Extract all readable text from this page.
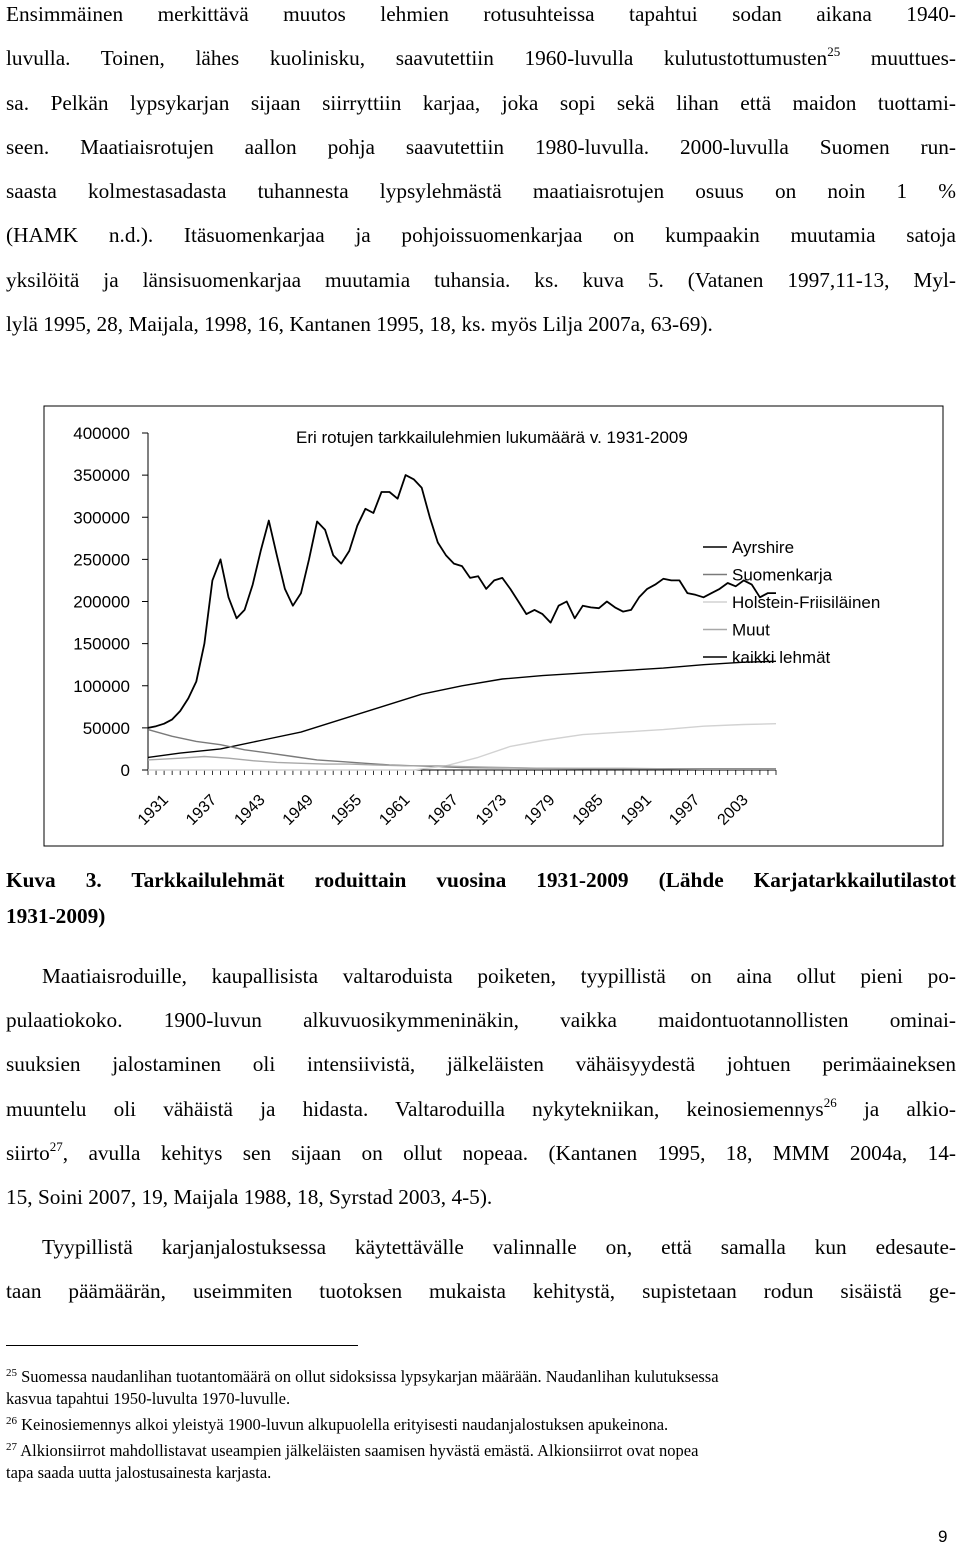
Ensimmäinen merkittävä muutos lehmien rotusuhteissa tapahtui sodan aikana 1940-
luvulla. Toinen, lähes kuolinisku, saavutettiin 1960-luvulla kulutustottumusten$^{25}$ muuttues-
sa. Pelkän lypsykarjan sijaan siirryttiin karjaa, joka sopi sekä lihan että maidon tuottami-
seen. Maatiaisrotujen aallon pohja saavutettiin 1980-luvulla. 2000-luvulla Suomen run-
saasta kolmestasadasta tuhannesta lypsylehmästä maatiaisrotujen osuus on noin 1 %
(HAMK n.d.). Itäsuomenkarjaa ja pohjoissuomenkarjaa on kumpaakin muutamia satoja
yksilöitä ja länsisuomenkarjaa muutamia tuhansia. ks. kuva 5. (Vatanen 1997,11-13, Myl-
lylä 1995, 28, Maijala, 1998, 16, Kantanen 1995, 18, ks. myös Lilja 2007a, 63-69).
Eri rotujen tarkkailulehmien lukumäärä v. 1931-2009
400000
350000
300000
250000
200000
150000
100000
50000
0
1931 1937 1943 1949 1955 1961 1967 1973 1979 1985 1991 1997 2003
Ayrshire
Suomenkarja
Holstein-Friisiläinen
Muut
kaikki lehmät
Kuva 3. Tarkkailulehmät roduittain vuosina 1931-2009 (Lähde Karjatarkkailutilastot
1931-2009)
Maatiaisroduille, kaupallisista valtaroduista poiketen, tyypillistä on aina ollut pieni po-
pulaatiokoko. 1900-luvun alkuvuosikymmeninäkin, vaikka maidontuotannollisten ominai-
suuksien jalostaminen oli intensiivistä, jälkeläisten vähäisyydestä johtuen perimäaineksen
muuntelu oli vähäistä ja hidasta. Valtaroduilla nykytekniikan, keinosiemennys$^{26}$ ja alkio-
siirto$^{27}$, avulla kehitys sen sijaan on ollut nopeaa. (Kantanen 1995, 18, MMM 2004a, 14-
15, Soini 2007, 19, Maijala 1988, 18, Syrstad 2003, 4-5).
Tyypillistä karjanjalostuksessa käytettävälle valinnalle on, että samalla kun edesaute-
taan päämäärän, useimmiten tuotoksen mukaista kehitystä, supistetaan rodun sisäistä ge-
$^{25}$ Suomessa naudanlihan tuotantomäärä on ollut sidoksissa lypsykarjan määrään. Naudanlihan kulutuksessa
kasvua tapahtui 1950-luvulta 1970-luvulle.
$^{26}$ Keinosiemennys alkoi yleistyä 1900-luvun alkupuolella erityisesti naudanjalostuksen apukeinona.
$^{27}$ Alkionsiirrot mahdollistavat useampien jälkeläisten saamisen hyvästä emästä. Alkionsiirrot ovat nopea
tapa saada uutta jalostusainesta karjasta.
9
